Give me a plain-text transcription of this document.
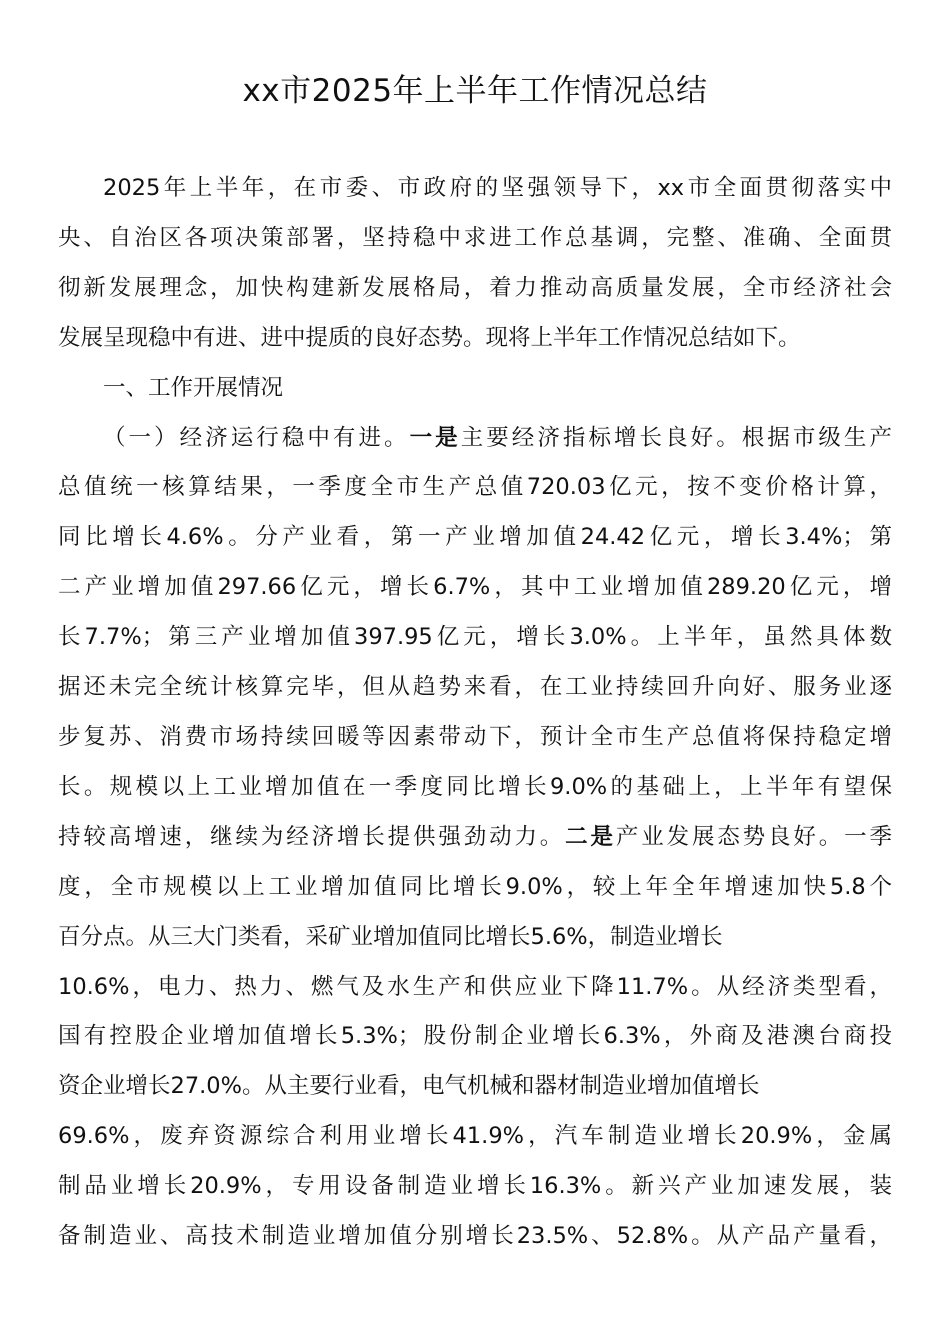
xx市2025年上半年工作情况总结

2025年上半年，在市委、市政府的坚强领导下，xx市全面贯彻落实中
央、自治区各项决策部署，坚持稳中求进工作总基调，完整、准确、全面贯
彻新发展理念，加快构建新发展格局，着力推动高质量发展，全市经济社会
发展呈现稳中有进、进中提质的良好态势。现将上半年工作情况总结如下。

一、工作开展情况

（一）经济运行稳中有进。一是主要经济指标增长良好。根据市级生产
总值统一核算结果，一季度全市生产总值720.03亿元，按不变价格计算，
同比增长4.6%。分产业看，第一产业增加值24.42亿元，增长3.4%；第
二产业增加值297.66亿元，增长6.7%，其中工业增加值289.20亿元，增
长7.7%；第三产业增加值397.95亿元，增长3.0%。上半年，虽然具体数
据还未完全统计核算完毕，但从趋势来看，在工业持续回升向好、服务业逐
步复苏、消费市场持续回暖等因素带动下，预计全市生产总值将保持稳定增
长。规模以上工业增加值在一季度同比增长9.0%的基础上，上半年有望保
持较高增速，继续为经济增长提供强劲动力。二是产业发展态势良好。一季
度，全市规模以上工业增加值同比增长9.0%，较上年全年增速加快5.8个
百分点。从三大门类看，采矿业增加值同比增长5.6%，制造业增长
10.6%，电力、热力、燃气及水生产和供应业下降11.7%。从经济类型看，
国有控股企业增加值增长5.3%；股份制企业增长6.3%，外商及港澳台商投
资企业增长27.0%。从主要行业看，电气机械和器材制造业增加值增长
69.6%，废弃资源综合利用业增长41.9%，汽车制造业增长20.9%，金属
制品业增长20.9%，专用设备制造业增长16.3%。新兴产业加速发展，装
备制造业、高技术制造业增加值分别增长23.5%、52.8%。从产品产量看，
